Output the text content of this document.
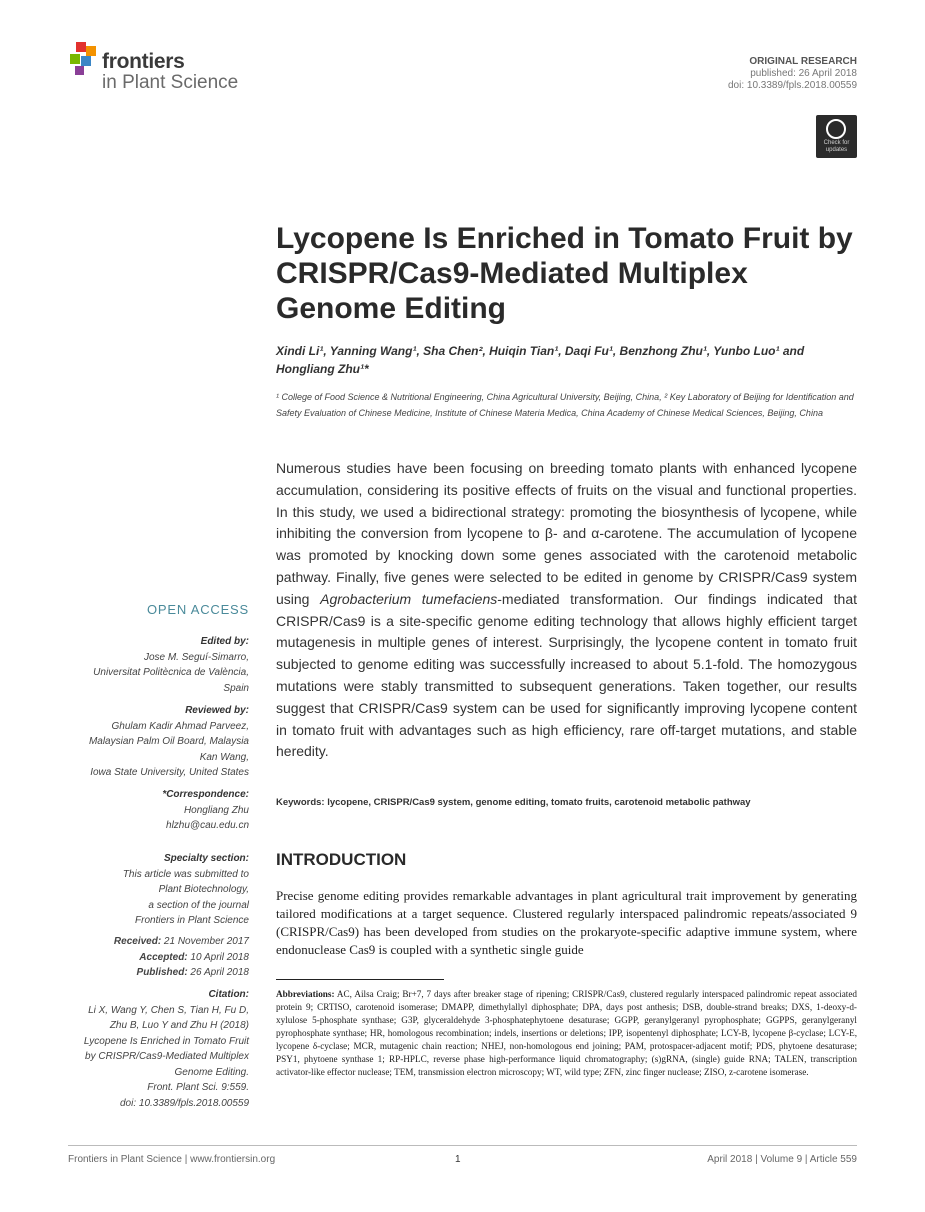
frontiers
in Plant Science
ORIGINAL RESEARCH
published: 26 April 2018
doi: 10.3389/fpls.2018.00559
Check for updates
Lycopene Is Enriched in Tomato Fruit by CRISPR/Cas9-Mediated Multiplex Genome Editing
Xindi Li¹, Yanning Wang¹, Sha Chen², Huiqin Tian¹, Daqi Fu¹, Benzhong Zhu¹, Yunbo Luo¹ and Hongliang Zhu¹*
¹ College of Food Science & Nutritional Engineering, China Agricultural University, Beijing, China, ² Key Laboratory of Beijing for Identification and Safety Evaluation of Chinese Medicine, Institute of Chinese Materia Medica, China Academy of Chinese Medical Sciences, Beijing, China

Numerous studies have been focusing on breeding tomato plants with enhanced lycopene accumulation, considering its positive effects of fruits on the visual and functional properties. In this study, we used a bidirectional strategy: promoting the biosynthesis of lycopene, while inhibiting the conversion from lycopene to β- and α-carotene. The accumulation of lycopene was promoted by knocking down some genes associated with the carotenoid metabolic pathway. Finally, five genes were selected to be edited in genome by CRISPR/Cas9 system using Agrobacterium tumefaciens-mediated transformation. Our findings indicated that CRISPR/Cas9 is a site-specific genome editing technology that allows highly efficient target mutagenesis in multiple genes of interest. Surprisingly, the lycopene content in tomato fruit subjected to genome editing was successfully increased to about 5.1-fold. The homozygous mutations were stably transmitted to subsequent generations. Taken together, our results suggest that CRISPR/Cas9 system can be used for significantly improving lycopene content in tomato fruit with advantages such as high efficiency, rare off-target mutations, and stable heredity.

Keywords: lycopene, CRISPR/Cas9 system, genome editing, tomato fruits, carotenoid metabolic pathway
OPEN ACCESS
Edited by:
Jose M. Seguí-Simarro,
Universitat Politècnica de València,
Spain
Reviewed by:
Ghulam Kadir Ahmad Parveez,
Malaysian Palm Oil Board, Malaysia
Kan Wang,
Iowa State University, United States
*Correspondence:
Hongliang Zhu
hlzhu@cau.edu.cn
Specialty section:
This article was submitted to
Plant Biotechnology,
a section of the journal
Frontiers in Plant Science
Received: 21 November 2017
Accepted: 10 April 2018
Published: 26 April 2018
Citation:
Li X, Wang Y, Chen S, Tian H, Fu D,
Zhu B, Luo Y and Zhu H (2018)
Lycopene Is Enriched in Tomato Fruit
by CRISPR/Cas9-Mediated Multiplex
Genome Editing.
Front. Plant Sci. 9:559.
doi: 10.3389/fpls.2018.00559
INTRODUCTION
Precise genome editing provides remarkable advantages in plant agricultural trait improvement by generating tailored modifications at a target sequence. Clustered regularly interspaced palindromic repeats/associated 9 (CRISPR/Cas9) has been developed from studies on the prokaryote-specific adaptive immune system, where endonuclease Cas9 is coupled with a synthetic single guide
Abbreviations: AC, Ailsa Craig; Br+7, 7 days after breaker stage of ripening; CRISPR/Cas9, clustered regularly interspaced palindromic repeat associated protein 9; CRTISO, carotenoid isomerase; DMAPP, dimethylallyl diphosphate; DPA, days post anthesis; DSB, double-strand breaks; DXS, 1-deoxy-d-xylulose 5-phosphate synthase; G3P, glyceraldehyde 3-phosphatephytoene desaturase; GGPP, geranylgeranyl pyrophosphate; GGPPS, geranylgeranyl pyrophosphate synthase; HR, homologous recombination; indels, insertions or deletions; IPP, isopentenyl diphosphate; LCY-B, lycopene β-cyclase; LCY-E, lycopene δ-cyclase; MCR, mutagenic chain reaction; NHEJ, non-homologous end joining; PAM, protospacer-adjacent motif; PDS, phytoene desaturase; PSY1, phytoene synthase 1; RP-HPLC, reverse phase high-performance liquid chromatography; (s)gRNA, (single) guide RNA; TALEN, transcription activator-like effector nuclease; TEM, transmission electron microscopy; WT, wild type; ZFN, zinc finger nuclease; ZISO, z-carotene isomerase.
Frontiers in Plant Science | www.frontiersin.org	1	April 2018 | Volume 9 | Article 559
